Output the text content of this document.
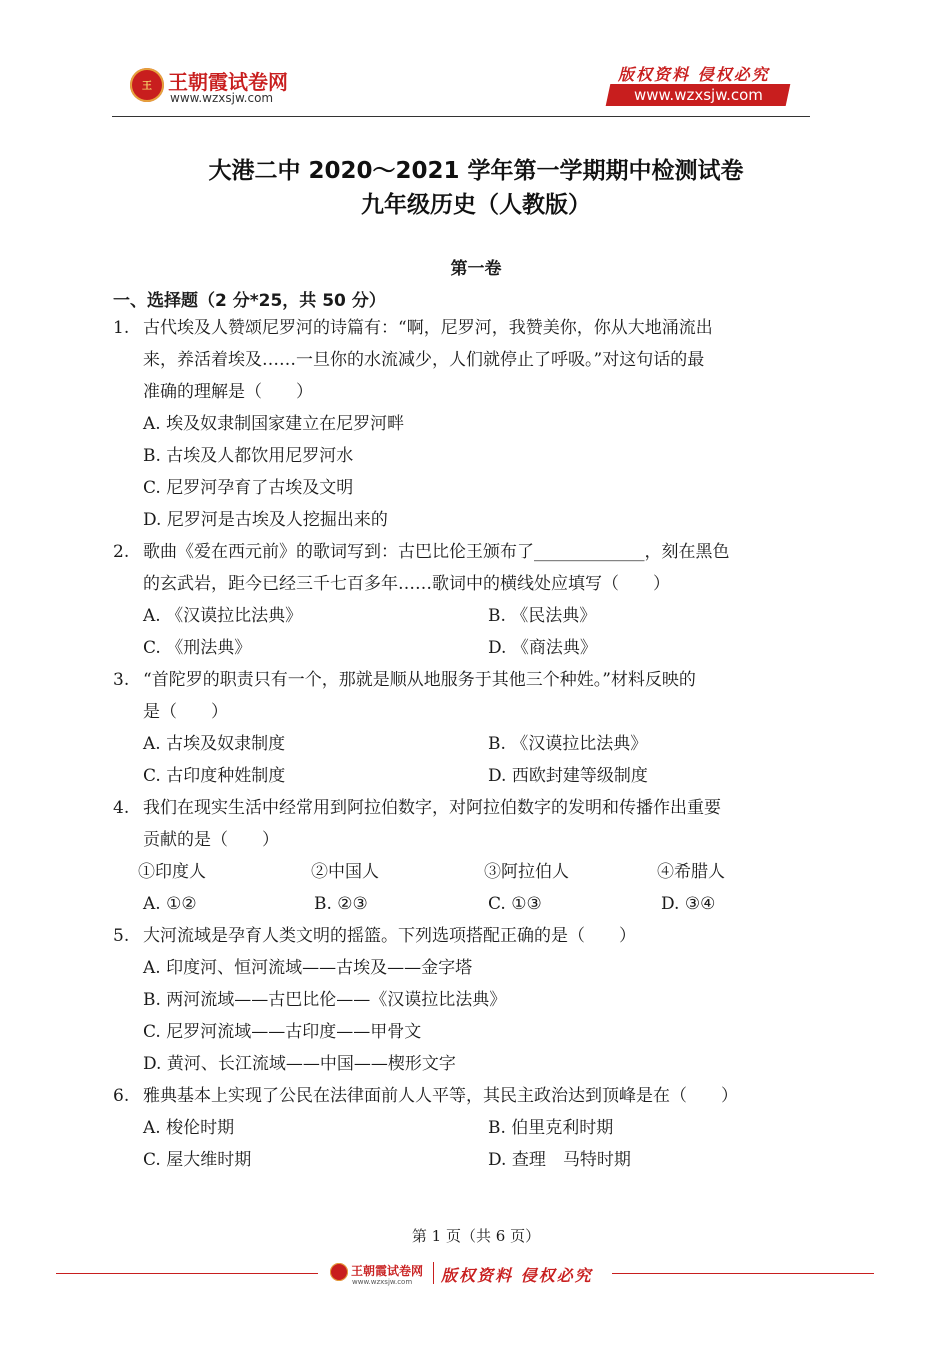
王 王朝霞试卷网
www.wzxsjw.com
版权资料 侵权必究
www.wzxsjw.com
大港二中 2020～2021 学年第一学期期中检测试卷
九年级历史（人教版）
第一卷
一、选择题（2 分*25，共 50 分）
1. 古代埃及人赞颂尼罗河的诗篇有：“啊，尼罗河，我赞美你，你从大地涌流出
来，养活着埃及……一旦你的水流减少，人们就停止了呼吸。”对这句话的最
准确的理解是（　　）
A. 埃及奴隶制国家建立在尼罗河畔
B. 古埃及人都饮用尼罗河水
C. 尼罗河孕育了古埃及文明
D. 尼罗河是古埃及人挖掘出来的
2. 歌曲《爱在西元前》的歌词写到：古巴比伦王颁布了_____________，刻在黑色
的玄武岩，距今已经三千七百多年……歌词中的横线处应填写（　　）
A. 《汉谟拉比法典》	B. 《民法典》
C. 《刑法典》	D. 《商法典》
3. “首陀罗的职责只有一个，那就是顺从地服务于其他三个种姓。”材料反映的
是（　　）
A. 古埃及奴隶制度	B. 《汉谟拉比法典》
C. 古印度种姓制度	D. 西欧封建等级制度
4. 我们在现实生活中经常用到阿拉伯数字，对阿拉伯数字的发明和传播作出重要
贡献的是（　　）
①印度人	②中国人	③阿拉伯人	④希腊人
A. ①②	B. ②③	C. ①③	D. ③④
5. 大河流域是孕育人类文明的摇篮。下列选项搭配正确的是（　　）
A. 印度河、恒河流域——古埃及——金字塔
B. 两河流域——古巴比伦——《汉谟拉比法典》
C. 尼罗河流域——古印度——甲骨文
D. 黄河、长江流域——中国——楔形文字
6. 雅典基本上实现了公民在法律面前人人平等，其民主政治达到顶峰是在（　　）
A. 梭伦时期	B. 伯里克利时期
C. 屋大维时期	D. 查理　马特时期
第 1 页（共 6 页）
王朝霞试卷网
www.wzxsjw.com 版权资料 侵权必究
